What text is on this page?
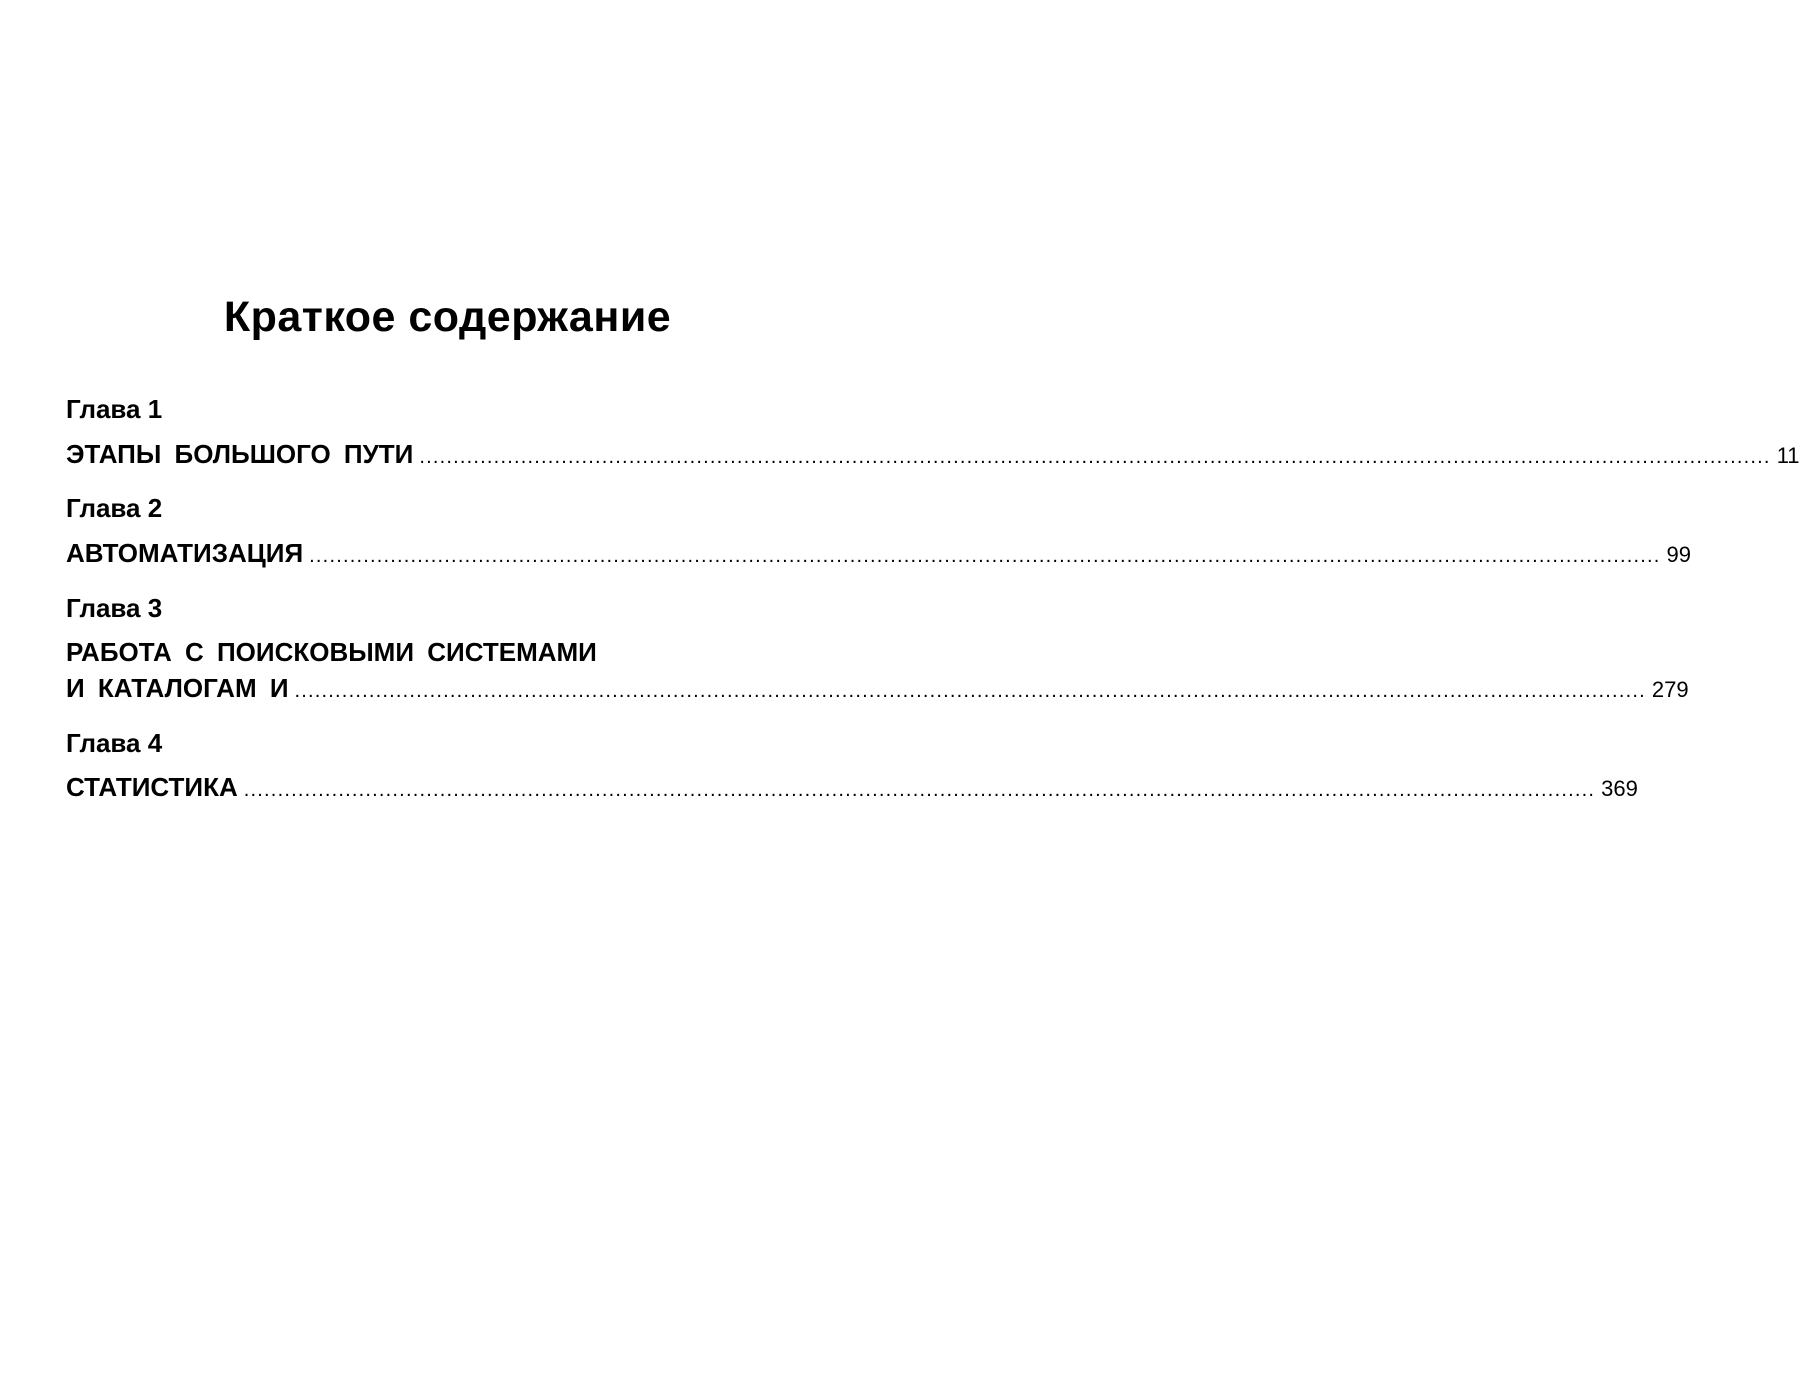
Краткое содержание
Глава 1
ЭТАПЫ БОЛЬШОГО ПУТИ ........................................................................................................................................................................................................ 11
Глава 2
АВТОМАТИЗАЦИЯ ........................................................................................................................................................................................................ 99
Глава 3
РАБОТА С ПОИСКОВЫМИ СИСТЕМАМИ
И КАТАЛОГАМ И ........................................................................................................................................................................................................ 279
Глава 4
СТАТИСТИКА ........................................................................................................................................................................................................ 369
